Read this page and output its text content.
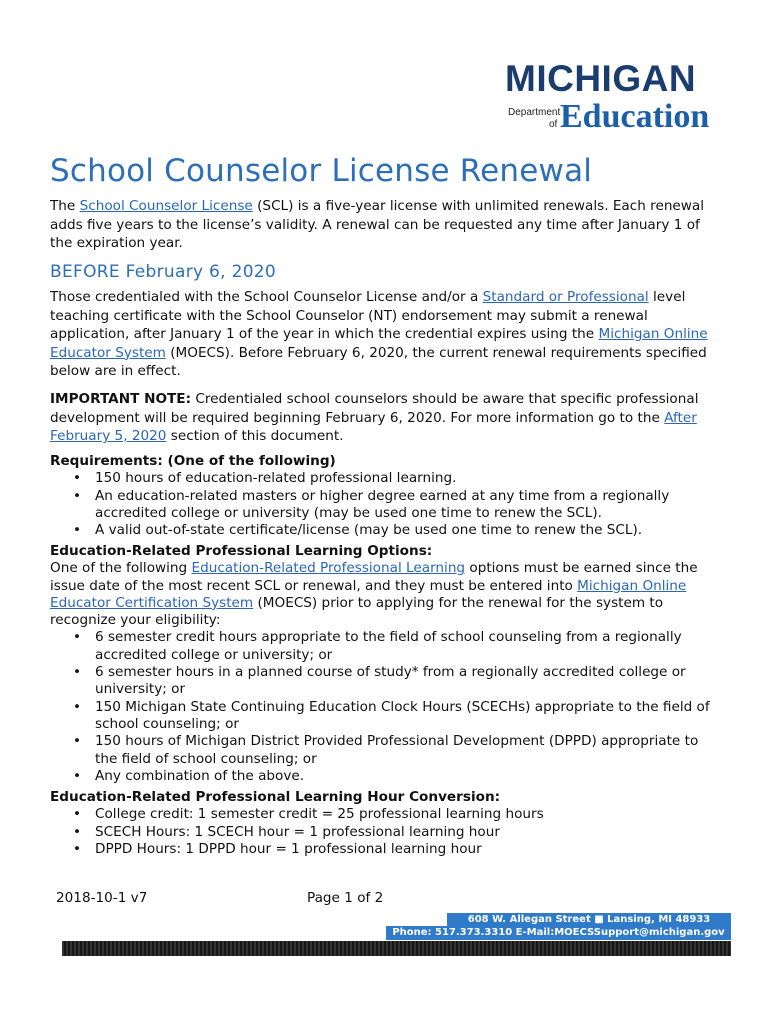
MICHIGAN
Department
of Education
School Counselor License Renewal
The School Counselor License (SCL) is a five-year license with unlimited renewals. Each renewal adds five years to the license’s validity. A renewal can be requested any time after January 1 of the expiration year.
BEFORE February 6, 2020
Those credentialed with the School Counselor License and/or a Standard or Professional level teaching certificate with the School Counselor (NT) endorsement may submit a renewal application, after January 1 of the year in which the credential expires using the Michigan Online Educator System (MOECS). Before February 6, 2020, the current renewal requirements specified below are in effect.
IMPORTANT NOTE: Credentialed school counselors should be aware that specific professional development will be required beginning February 6, 2020. For more information go to the After February 5, 2020 section of this document.
Requirements: (One of the following)
• 150 hours of education-related professional learning.
• An education-related masters or higher degree earned at any time from a regionally accredited college or university (may be used one time to renew the SCL).
• A valid out-of-state certificate/license (may be used one time to renew the SCL).
Education-Related Professional Learning Options:
One of the following Education-Related Professional Learning options must be earned since the issue date of the most recent SCL or renewal, and they must be entered into Michigan Online Educator Certification System (MOECS) prior to applying for the renewal for the system to recognize your eligibility:
• 6 semester credit hours appropriate to the field of school counseling from a regionally accredited college or university; or
• 6 semester hours in a planned course of study* from a regionally accredited college or university; or
• 150 Michigan State Continuing Education Clock Hours (SCECHs) appropriate to the field of school counseling; or
• 150 hours of Michigan District Provided Professional Development (DPPD) appropriate to the field of school counseling; or
• Any combination of the above.
Education-Related Professional Learning Hour Conversion:
• College credit: 1 semester credit = 25 professional learning hours
• SCECH Hours: 1 SCECH hour = 1 professional learning hour
• DPPD Hours: 1 DPPD hour = 1 professional learning hour
2018-10-1 v7	Page 1 of 2
608 W. Allegan Street ■ Lansing, MI 48933
Phone: 517.373.3310 E-Mail:MOECSSupport@michigan.gov
